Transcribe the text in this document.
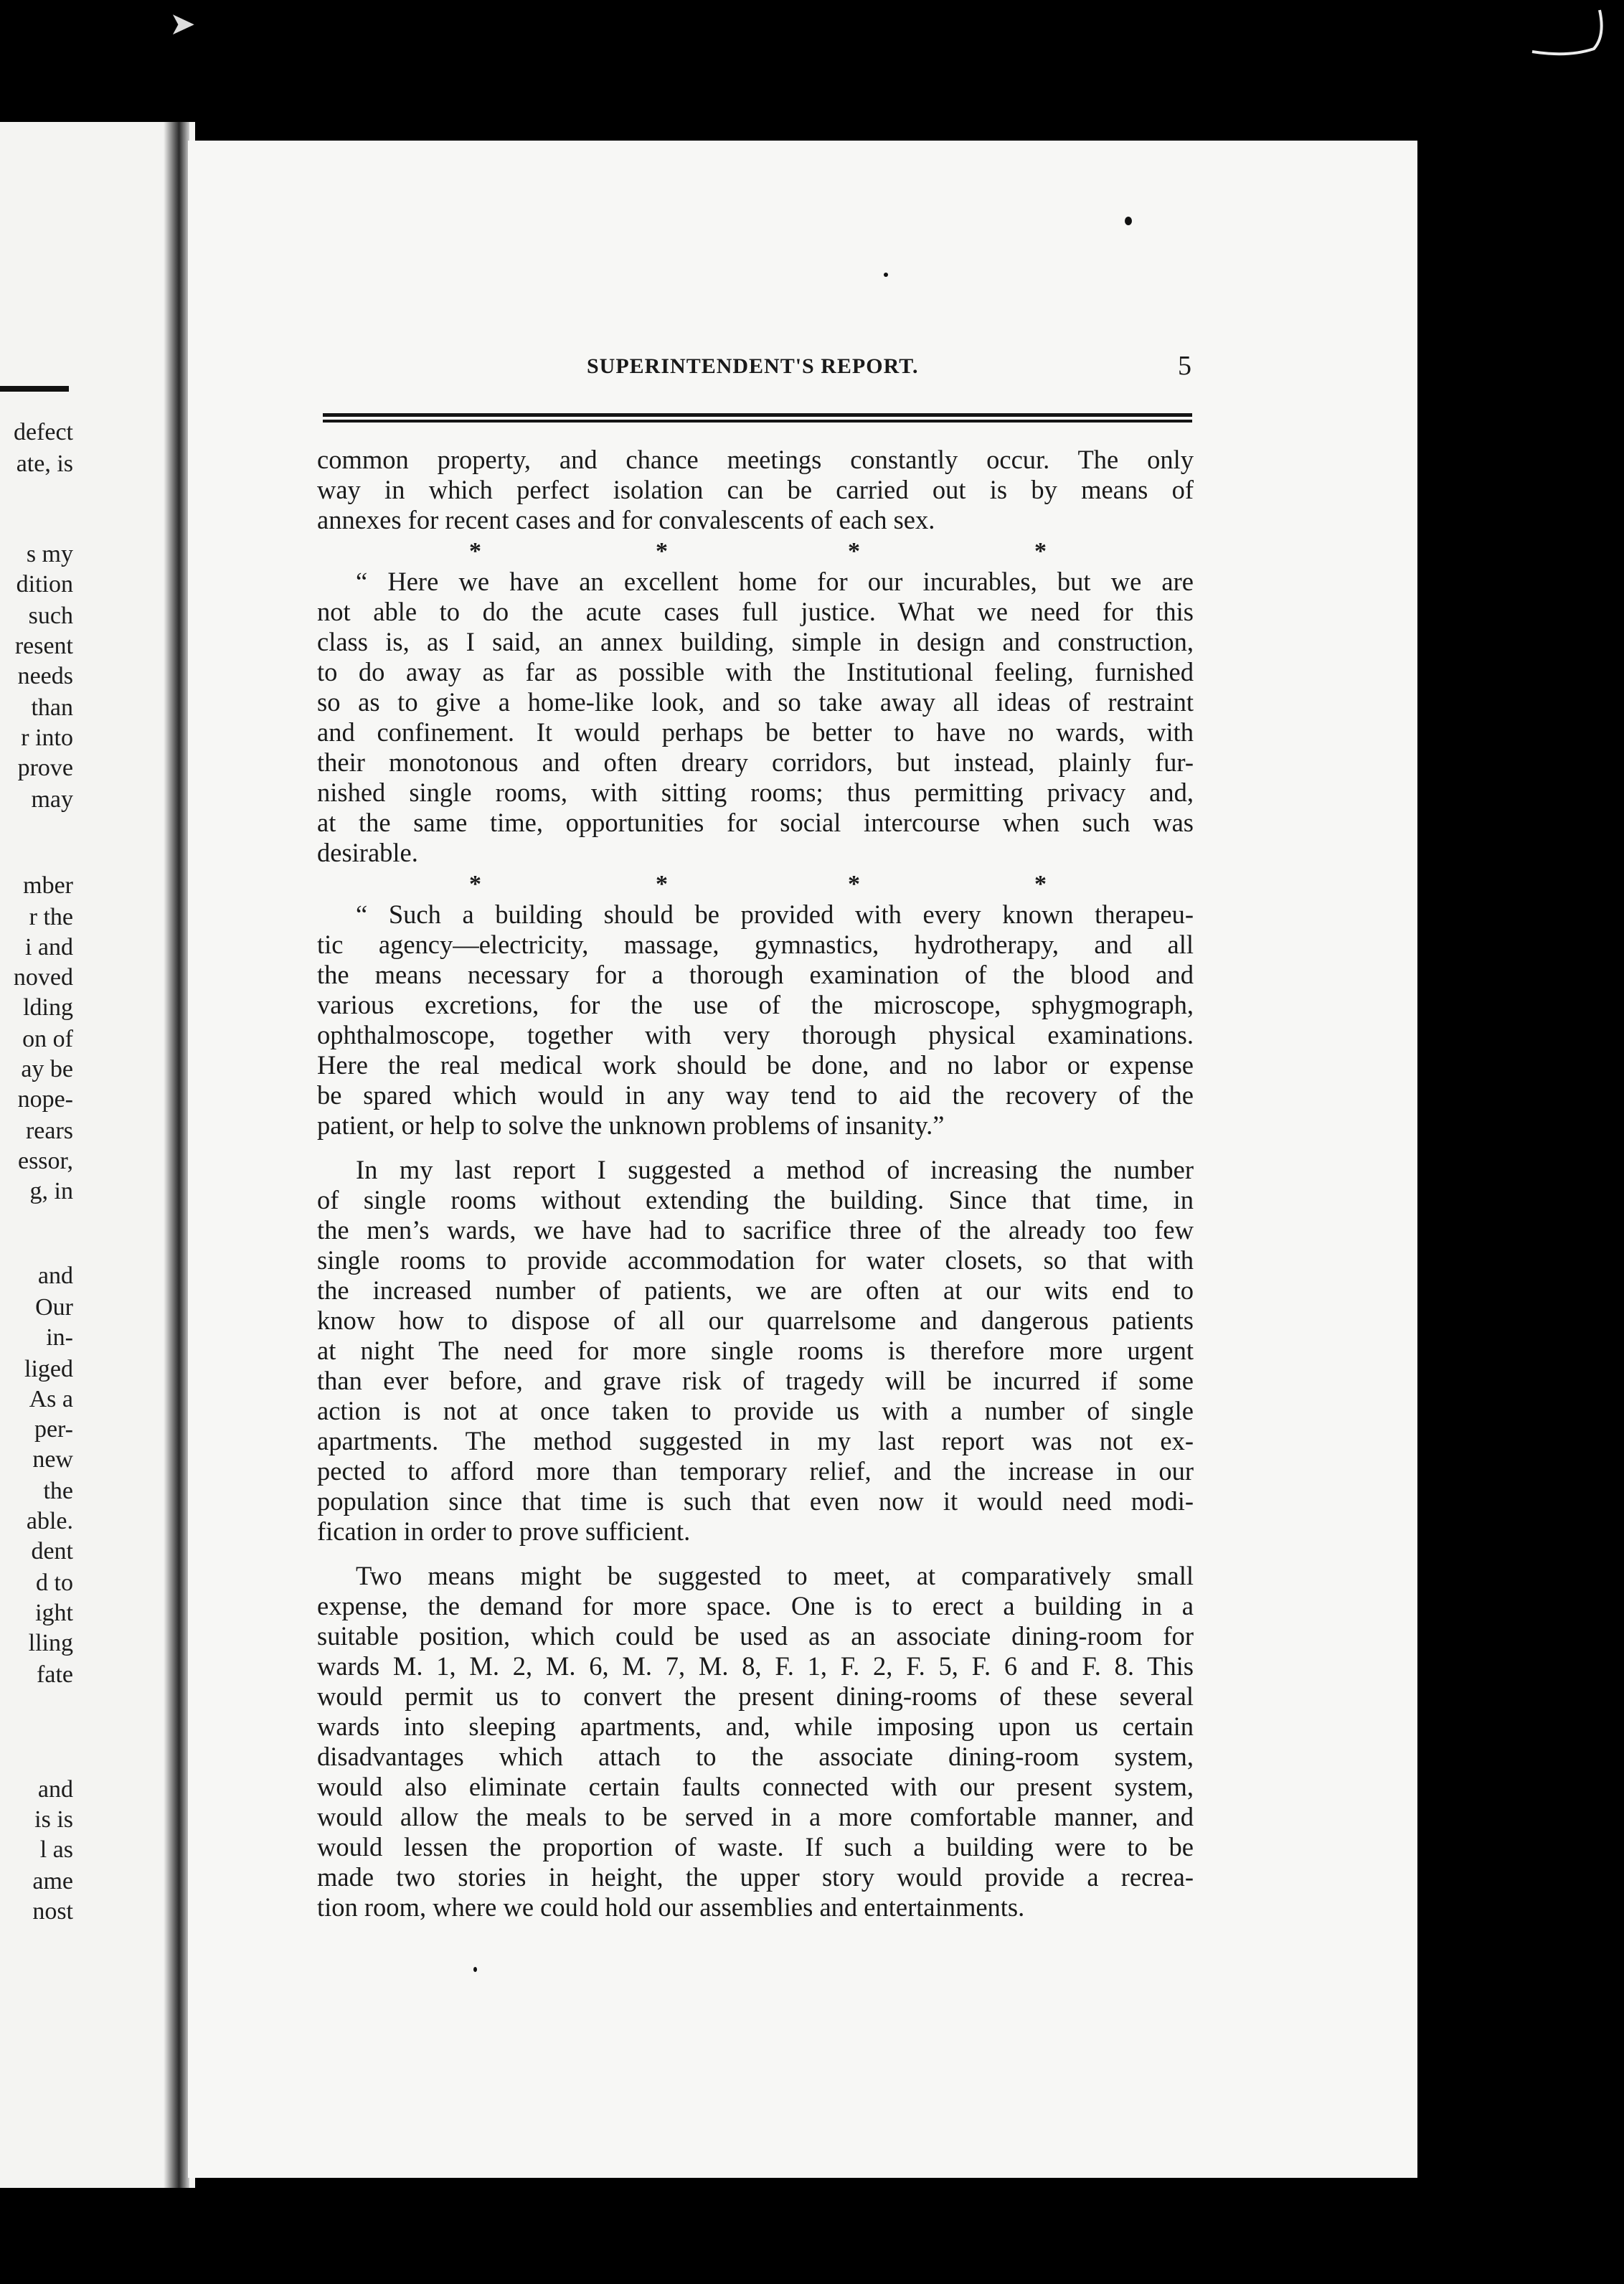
➤
defect
ate, is
s my
dition
such
resent
needs
than
r into
prove
may
mber
r the
i and
noved
lding
on of
ay be
nope-
rears
essor,
g, in
and
Our
in-
liged
As a
per-
new
the
able.
dent
d to
ight
lling
fate
and
is is
l as
ame
nost
SUPERINTENDENT'S REPORT.	5
common property, and chance meetings constantly occur. The only
way in which perfect isolation can be carried out is by means of
annexes for recent cases and for convalescents of each sex.
*	*	*	*
“ Here we have an excellent home for our incurables, but we are
not able to do the acute cases full justice. What we need for this
class is, as I said, an annex building, simple in design and construction,
to do away as far as possible with the Institutional feeling, furnished
so as to give a home-like look, and so take away all ideas of restraint
and confinement. It would perhaps be better to have no wards, with
their monotonous and often dreary corridors, but instead, plainly fur-
nished single rooms, with sitting rooms; thus permitting privacy and,
at the same time, opportunities for social intercourse when such was
desirable.
*	*	*	*
“ Such a building should be provided with every known therapeu-
tic agency—electricity, massage, gymnastics, hydrotherapy, and all
the means necessary for a thorough examination of the blood and
various excretions, for the use of the microscope, sphygmograph,
ophthalmoscope, together with very thorough physical examinations.
Here the real medical work should be done, and no labor or expense
be spared which would in any way tend to aid the recovery of the
patient, or help to solve the unknown problems of insanity.”
In my last report I suggested a method of increasing the number
of single rooms without extending the building. Since that time, in
the men’s wards, we have had to sacrifice three of the already too few
single rooms to provide accommodation for water closets, so that with
the increased number of patients, we are often at our wits end to
know how to dispose of all our quarrelsome and dangerous patients
at night The need for more single rooms is therefore more urgent
than ever before, and grave risk of tragedy will be incurred if some
action is not at once taken to provide us with a number of single
apartments. The method suggested in my last report was not ex-
pected to afford more than temporary relief, and the increase in our
population since that time is such that even now it would need modi-
fication in order to prove sufficient.
Two means might be suggested to meet, at comparatively small
expense, the demand for more space. One is to erect a building in a
suitable position, which could be used as an associate dining-room for
wards M. 1, M. 2, M. 6, M. 7, M. 8, F. 1, F. 2, F. 5, F. 6 and F. 8. This
would permit us to convert the present dining-rooms of these several
wards into sleeping apartments, and, while imposing upon us certain
disadvantages which attach to the associate dining-room system,
would also eliminate certain faults connected with our present system,
would allow the meals to be served in a more comfortable manner, and
would lessen the proportion of waste. If such a building were to be
made two stories in height, the upper story would provide a recrea-
tion room, where we could hold our assemblies and entertainments.
